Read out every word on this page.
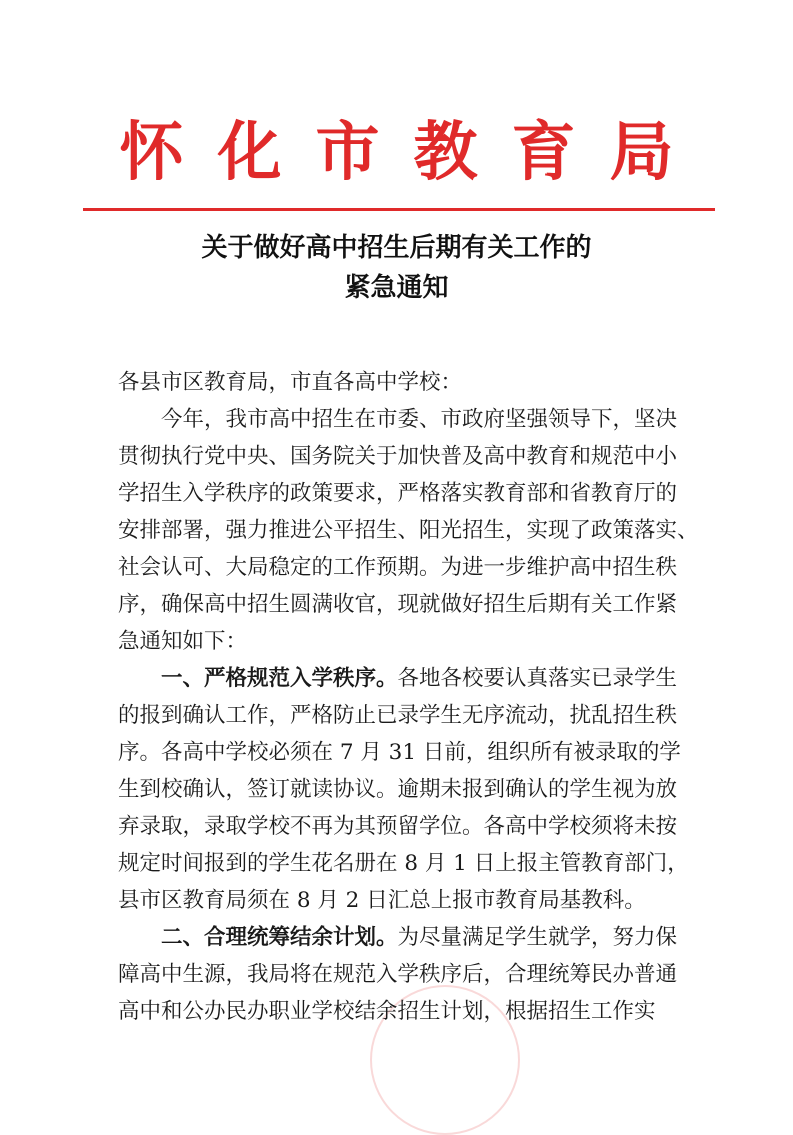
怀化市教育局
关于做好高中招生后期有关工作的
紧急通知
各县市区教育局，市直各高中学校：
今年，我市高中招生在市委、市政府坚强领导下，坚决
贯彻执行党中央、国务院关于加快普及高中教育和规范中小
学招生入学秩序的政策要求，严格落实教育部和省教育厅的
安排部署，强力推进公平招生、阳光招生，实现了政策落实、
社会认可、大局稳定的工作预期。为进一步维护高中招生秩
序，确保高中招生圆满收官，现就做好招生后期有关工作紧
急通知如下：
一、严格规范入学秩序。各地各校要认真落实已录学生
的报到确认工作，严格防止已录学生无序流动，扰乱招生秩
序。各高中学校必须在 7 月 31 日前，组织所有被录取的学
生到校确认，签订就读协议。逾期未报到确认的学生视为放
弃录取，录取学校不再为其预留学位。各高中学校须将未按
规定时间报到的学生花名册在 8 月 1 日上报主管教育部门，
县市区教育局须在 8 月 2 日汇总上报市教育局基教科。
二、合理统筹结余计划。为尽量满足学生就学，努力保
障高中生源，我局将在规范入学秩序后，合理统筹民办普通
高中和公办民办职业学校结余招生计划，根据招生工作实
